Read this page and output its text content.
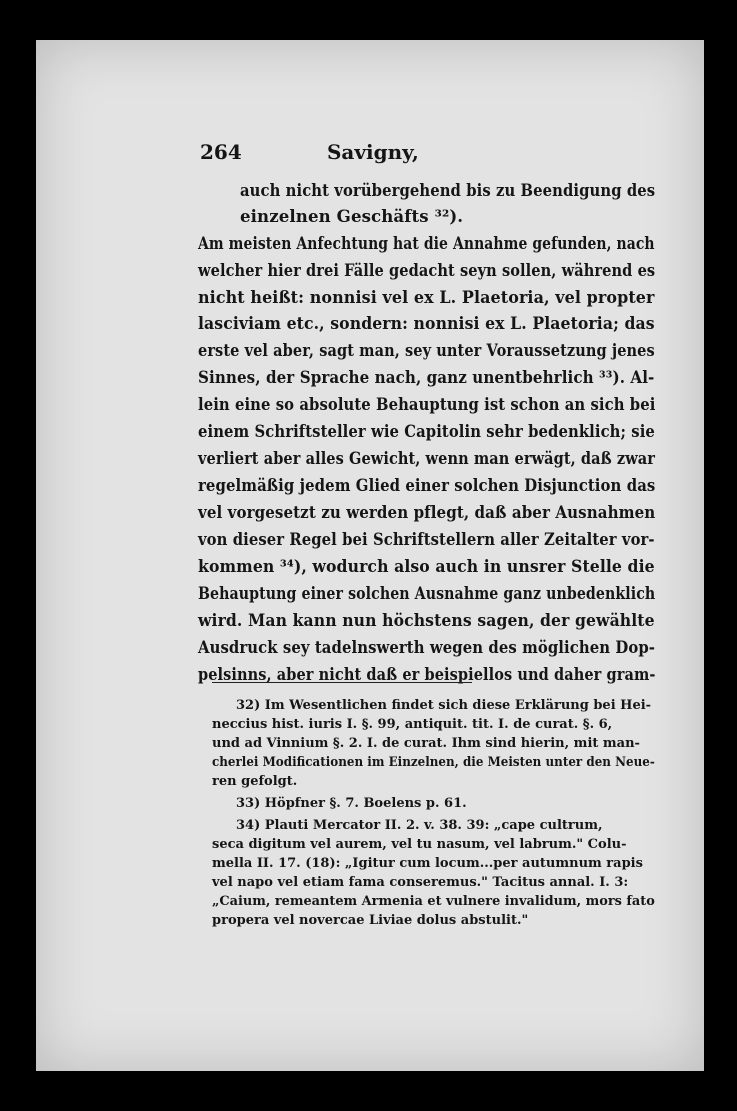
264	Savigny,
auch nicht vorübergehend bis zu Beendigung des
einzelnen Geschäfts ³²).
Am meisten Anfechtung hat die Annahme gefunden, nach
welcher hier drei Fälle gedacht seyn sollen, während es
nicht heißt: nonnisi vel ex L. Plaetoria, vel propter
lasciviam etc., sondern: nonnisi ex L. Plaetoria; das
erste vel aber, sagt man, sey unter Voraussetzung jenes
Sinnes, der Sprache nach, ganz unentbehrlich ³³). Al-
lein eine so absolute Behauptung ist schon an sich bei
einem Schriftsteller wie Capitolin sehr bedenklich; sie
verliert aber alles Gewicht, wenn man erwägt, daß zwar
regelmäßig jedem Glied einer solchen Disjunction das
vel vorgesetzt zu werden pflegt, daß aber Ausnahmen
von dieser Regel bei Schriftstellern aller Zeitalter vor-
kommen ³⁴), wodurch also auch in unsrer Stelle die
Behauptung einer solchen Ausnahme ganz unbedenklich
wird. Man kann nun höchstens sagen, der gewählte
Ausdruck sey tadelnswerth wegen des möglichen Dop-
pelsinns, aber nicht daß er beispiellos und daher gram-
32) Im Wesentlichen findet sich diese Erklärung bei Hei-
neccius hist. iuris I. §. 99, antiquit. tit. I. de curat. §. 6,
und ad Vinnium §. 2. I. de curat. Ihm sind hierin, mit man-
cherlei Modificationen im Einzelnen, die Meisten unter den Neue-
ren gefolgt.
33) Höpfner §. 7. Boelens p. 61.
34) Plauti Mercator II. 2. v. 38. 39: „cape cultrum,
seca digitum vel aurem, vel tu nasum, vel labrum." Colu-
mella II. 17. (18): „Igitur cum locum...per autumnum rapis
vel napo vel etiam fama conseremus." Tacitus annal. I. 3:
„Caium, remeantem Armenia et vulnere invalidum, mors fato
propera vel novercae Liviae dolus abstulit."
